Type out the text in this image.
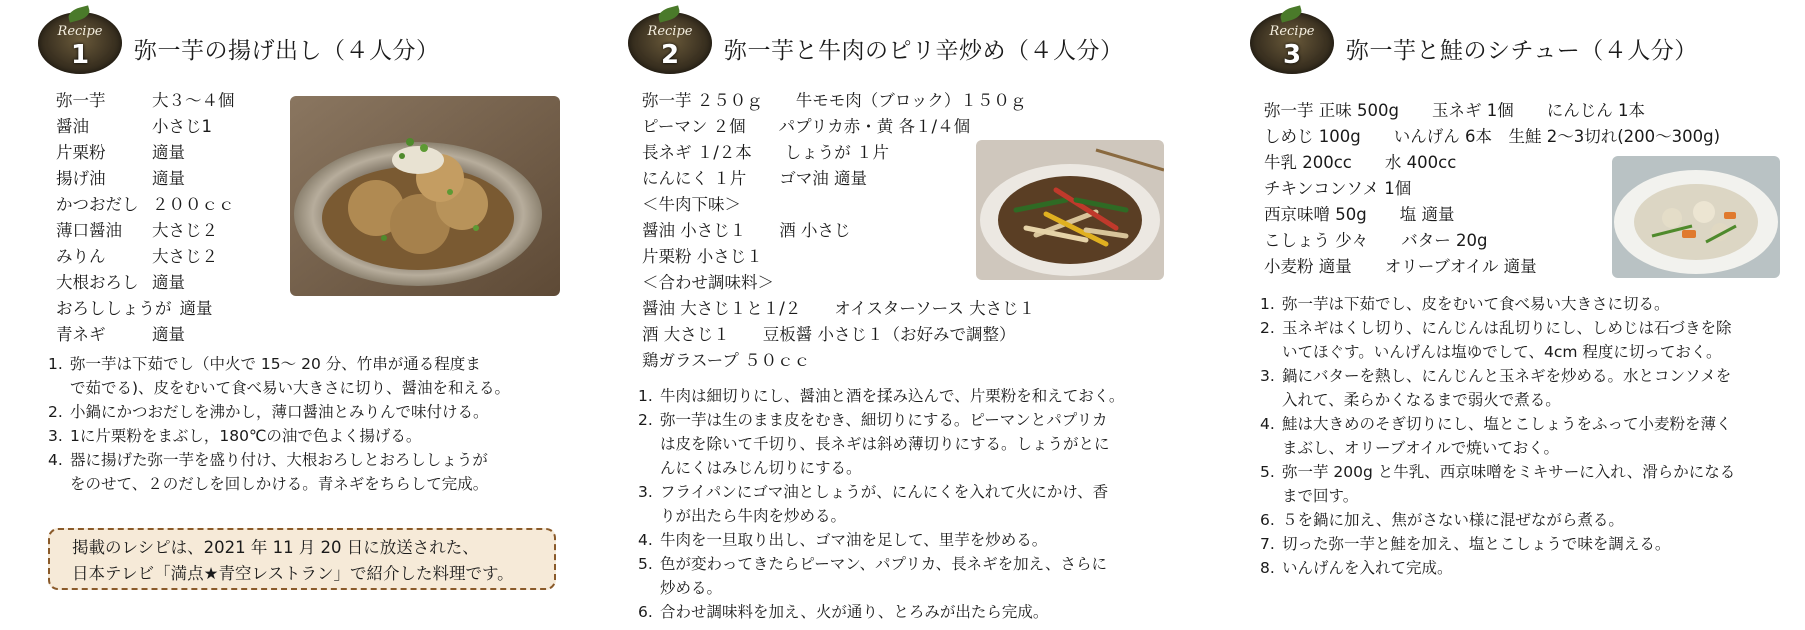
Recipe
1	弥一芋の揚げ出し（４人分）
弥一芋	大３～４個
醤油	小さじ1
片栗粉	適量
揚げ油	適量
かつおだし ２００ｃｃ
薄口醤油 大さじ２
みりん	大さじ２
大根おろし 適量
おろししょうが 適量
青ネギ	適量
1. 弥一芋は下茹でし（中火で 15～ 20 分、竹串が通る程度ま
で茹でる)、皮をむいて食べ易い大きさに切り、醤油を和える。
2. 小鍋にかつおだしを沸かし，薄口醤油とみりんで味付ける。
3. 1に片栗粉をまぶし，180℃の油で色よく揚げる。
4. 器に揚げた弥一芋を盛り付け、大根おろしとおろししょうが
をのせて、２のだしを回しかける。青ネギをちらして完成。
掲載のレシピは、2021 年 11 月 20 日に放送された、
日本テレビ「満点★青空レストラン」で紹介した料理です。
Recipe
2	弥一芋と牛肉のピリ辛炒め（４人分）
弥一芋 ２５０ｇ　　牛モモ肉（ブロック）１５０ｇ
ピーマン ２個　　パプリカ赤・黄 各１/４個
長ネギ １/２本　　しょうが １片
にんにく １片　　ゴマ油 適量
＜牛肉下味＞
醤油 小さじ１　　酒 小さじ
片栗粉 小さじ１
＜合わせ調味料＞
醤油 大さじ１と１/２　　オイスターソース 大さじ１
酒 大さじ１　　豆板醤 小さじ１（お好みで調整）
鶏ガラスープ ５０ｃｃ
1. 牛肉は細切りにし、醤油と酒を揉み込んで、片栗粉を和えておく。
2. 弥一芋は生のまま皮をむき、細切りにする。ピーマンとパプリカ
は皮を除いて千切り、長ネギは斜め薄切りにする。しょうがとに
んにくはみじん切りにする。
3. フライパンにゴマ油としょうが、にんにくを入れて火にかけ、香
りが出たら牛肉を炒める。
4. 牛肉を一旦取り出し、ゴマ油を足して、里芋を炒める。
5. 色が変わってきたらピーマン、パプリカ、長ネギを加え、さらに
炒める。
6. 合わせ調味料を加え、火が通り、とろみが出たら完成。
Recipe
3	弥一芋と鮭のシチュー（４人分）
弥一芋 正味 500g　　玉ネギ 1個　　にんじん 1本
しめじ 100g　　いんげん 6本　生鮭 2～3切れ(200～300g)
牛乳 200cc　　水 400cc
チキンコンソメ 1個
西京味噌 50g　　塩 適量
こしょう 少々　　バター 20g
小麦粉 適量　　オリーブオイル 適量
1. 弥一芋は下茹でし、皮をむいて食べ易い大きさに切る。
2. 玉ネギはくし切り、にんじんは乱切りにし、しめじは石づきを除
いてほぐす。いんげんは塩ゆでして、4cm 程度に切っておく。
3. 鍋にバターを熱し、にんじんと玉ネギを炒める。水とコンソメを
入れて、柔らかくなるまで弱火で煮る。
4. 鮭は大きめのそぎ切りにし、塩とこしょうをふって小麦粉を薄く
まぶし、オリーブオイルで焼いておく。
5. 弥一芋 200g と牛乳、西京味噌をミキサーに入れ、滑らかになる
まで回す。
6. ５を鍋に加え、焦がさない様に混ぜながら煮る。
7. 切った弥一芋と鮭を加え、塩とこしょうで味を調える。
8. いんげんを入れて完成。
